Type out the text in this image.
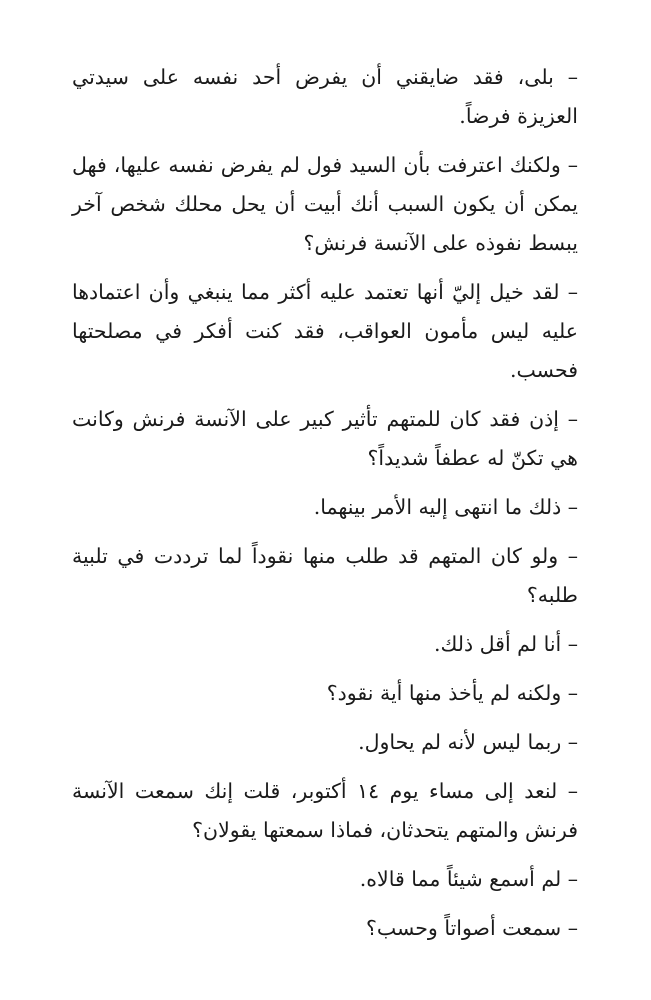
– بلى، فقد ضايقني أن يفرض أحد نفسه على سيدتي العزيزة فرضاً.

– ولكنك اعترفت بأن السيد فول لم يفرض نفسه عليها، فهل يمكن أن يكون السبب أنك أبيت أن يحل محلك شخص آخر يبسط نفوذه على الآنسة فرنش؟

– لقد خيل إليّ أنها تعتمد عليه أكثر مما ينبغي وأن اعتمادها عليه ليس مأمون العواقب، فقد كنت أفكر في مصلحتها فحسب.

– إذن فقد كان للمتهم تأثير كبير على الآنسة فرنش وكانت هي تكنّ له عطفاً شديداً؟

– ذلك ما انتهى إليه الأمر بينهما.

– ولو كان المتهم قد طلب منها نقوداً لما ترددت في تلبية طلبه؟

– أنا لم أقل ذلك.

– ولكنه لم يأخذ منها أية نقود؟

– ربما ليس لأنه لم يحاول.

– لنعد إلى مساء يوم ١٤ أكتوبر، قلت إنك سمعت الآنسة فرنش والمتهم يتحدثان، فماذا سمعتها يقولان؟

– لم أسمع شيئاً مما قالاه.

– سمعت أصواتاً وحسب؟
